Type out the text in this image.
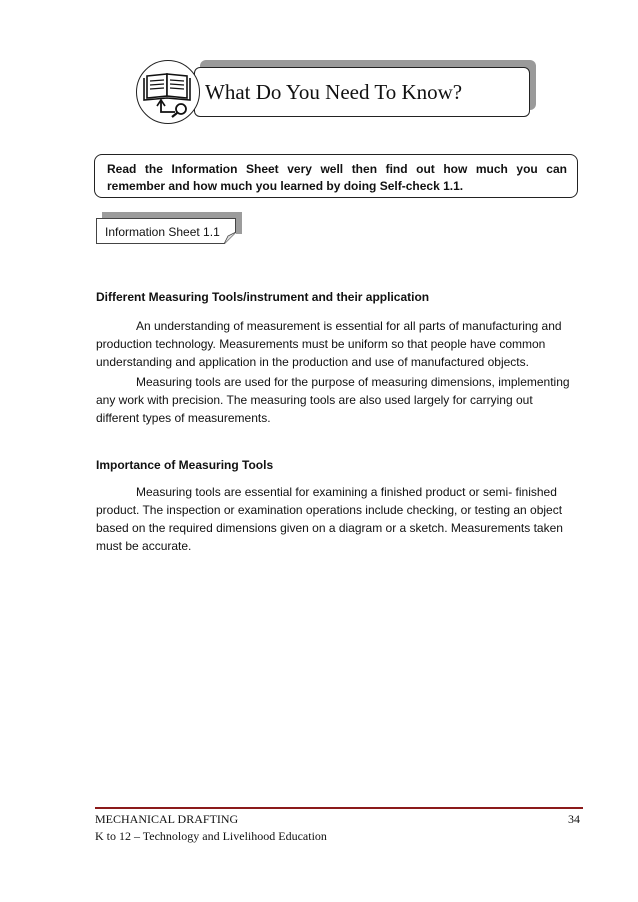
What Do You Need To Know?
Read the Information Sheet very well then find out how much you can
remember and how much you learned by doing Self-check 1.1.
Information Sheet 1.1
Different Measuring Tools/instrument and their application

An understanding of measurement is essential for all parts of manufacturing and production technology. Measurements must be uniform so that people have common understanding and application in the production and use of manufactured objects.

Measuring tools are used for the purpose of measuring dimensions, implementing any work with precision. The measuring tools are also used largely for carrying out different types of measurements.

Importance of Measuring Tools

Measuring tools are essential for examining a finished product or semi- finished product. The inspection or examination operations include checking, or testing an object based on the required dimensions given on a diagram or a sketch. Measurements taken must be accurate.

MECHANICAL DRAFTING
K to 12 – Technology and Livelihood Education
34
